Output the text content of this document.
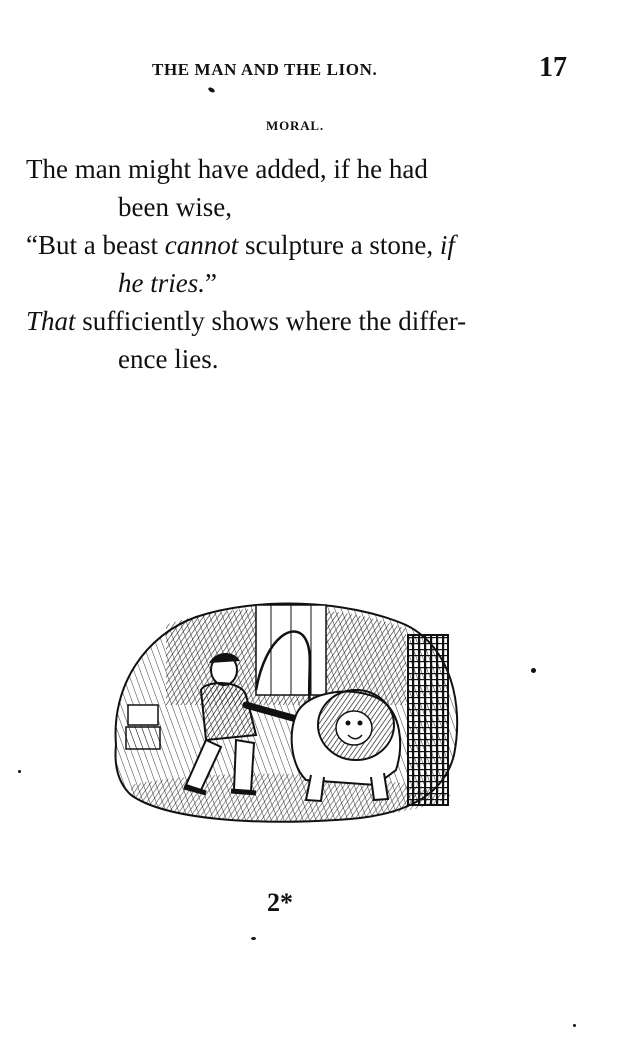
THE MAN AND THE LION.	17
MORAL.
The man might have added, if he had
been wise,
“But a beast cannot sculpture a stone, if
he tries.”
That sufficiently shows where the differ-
ence lies.
2*
